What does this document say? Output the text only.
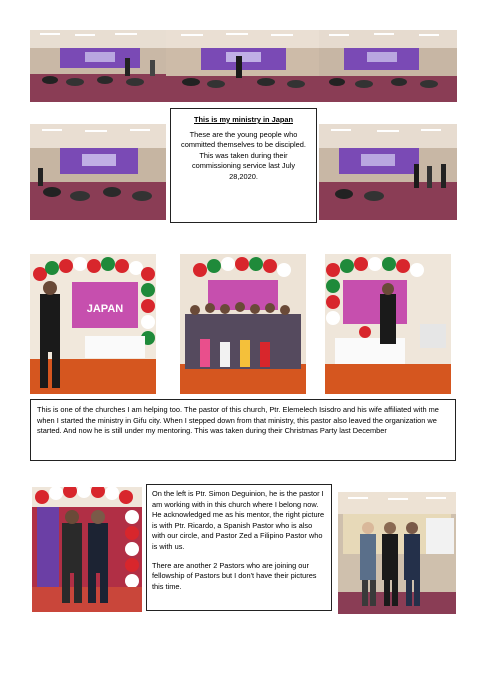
This is my ministry in Japan

These are the young people who committed themselves to be discipled. This was taken during their commissioning service last July 28,2020.

JAPAN

This is one of the churches I am helping too. The pastor of this church, Ptr. Elemelech Isisdro and his wife affiliated with me when I started the ministry in Gifu city. When I stepped down from that ministry, this pastor also leaved the organization we started. And now he is still under my mentoring. This was taken during their Christmas Party last December

On the left is Ptr. Simon Deguinion, he is the pastor I am working with in this church where I belong now. He acknowledged me as his mentor, the right picture is with Ptr. Ricardo, a Spanish Pastor who is also with our circle, and Pastor Zed a Filipino Pastor who is with us.

There are another 2 Pastors who are joining our fellowship of Pastors but I don't have their pictures this time.
